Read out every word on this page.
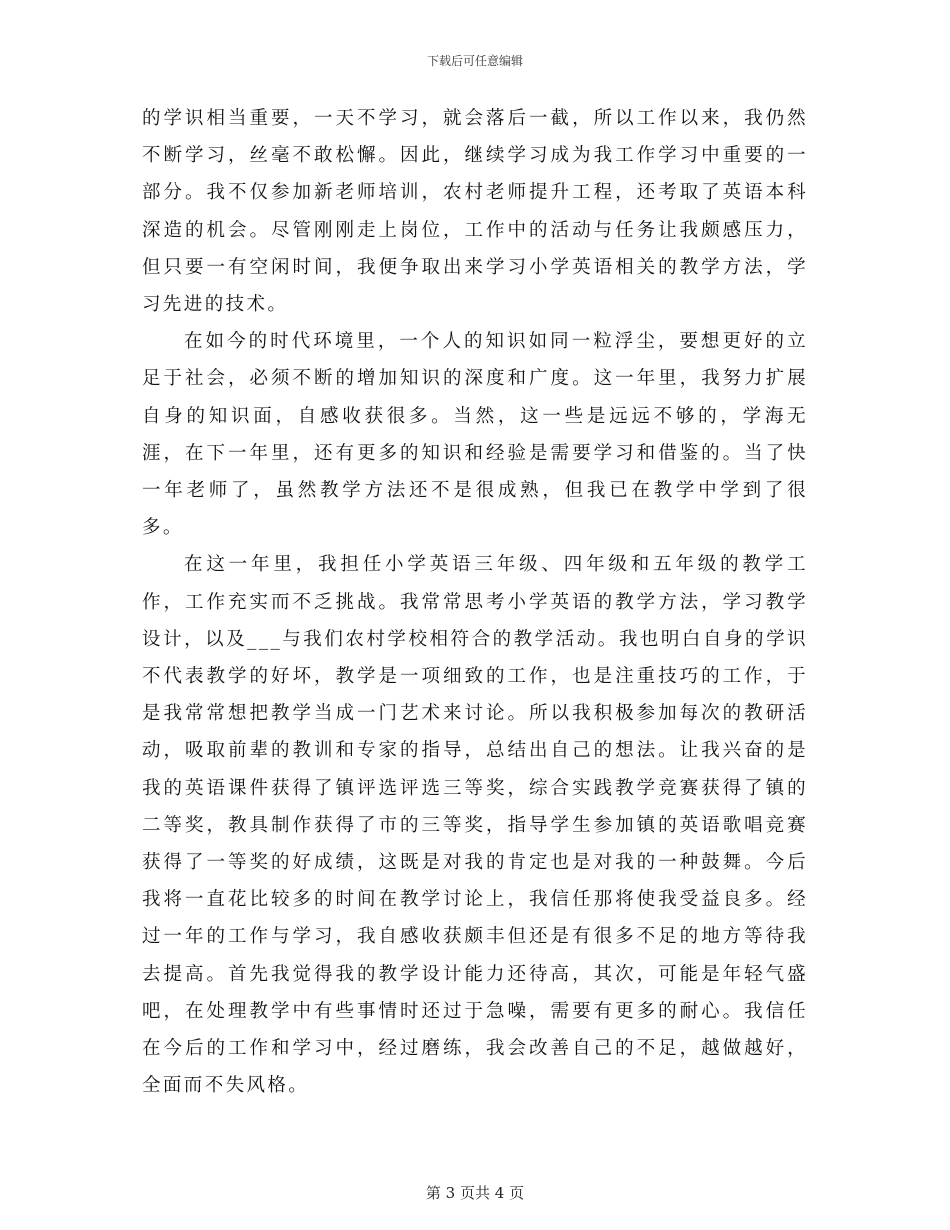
下载后可任意编辑

的学识相当重要，一天不学习，就会落后一截，所以工作以来，我仍然不断学习，丝毫不敢松懈。因此，继续学习成为我工作学习中重要的一部分。我不仅参加新老师培训，农村老师提升工程，还考取了英语本科深造的机会。尽管刚刚走上岗位，工作中的活动与任务让我颇感压力，但只要一有空闲时间，我便争取出来学习小学英语相关的教学方法，学习先进的技术。

在如今的时代环境里，一个人的知识如同一粒浮尘，要想更好的立足于社会，必须不断的增加知识的深度和广度。这一年里，我努力扩展自身的知识面，自感收获很多。当然，这一些是远远不够的，学海无涯，在下一年里，还有更多的知识和经验是需要学习和借鉴的。当了快一年老师了，虽然教学方法还不是很成熟，但我已在教学中学到了很多。

在这一年里，我担任小学英语三年级、四年级和五年级的教学工作，工作充实而不乏挑战。我常常思考小学英语的教学方法，学习教学设计，以及___与我们农村学校相符合的教学活动。我也明白自身的学识不代表教学的好坏，教学是一项细致的工作，也是注重技巧的工作，于是我常常想把教学当成一门艺术来讨论。所以我积极参加每次的教研活动，吸取前辈的教训和专家的指导，总结出自己的想法。让我兴奋的是我的英语课件获得了镇评选评选三等奖，综合实践教学竞赛获得了镇的二等奖，教具制作获得了市的三等奖，指导学生参加镇的英语歌唱竞赛获得了一等奖的好成绩，这既是对我的肯定也是对我的一种鼓舞。今后我将一直花比较多的时间在教学讨论上，我信任那将使我受益良多。经过一年的工作与学习，我自感收获颇丰但还是有很多不足的地方等待我去提高。首先我觉得我的教学设计能力还待高，其次，可能是年轻气盛吧，在处理教学中有些事情时还过于急噪，需要有更多的耐心。我信任在今后的工作和学习中，经过磨练，我会改善自己的不足，越做越好，全面而不失风格。

第 3 页共 4 页
